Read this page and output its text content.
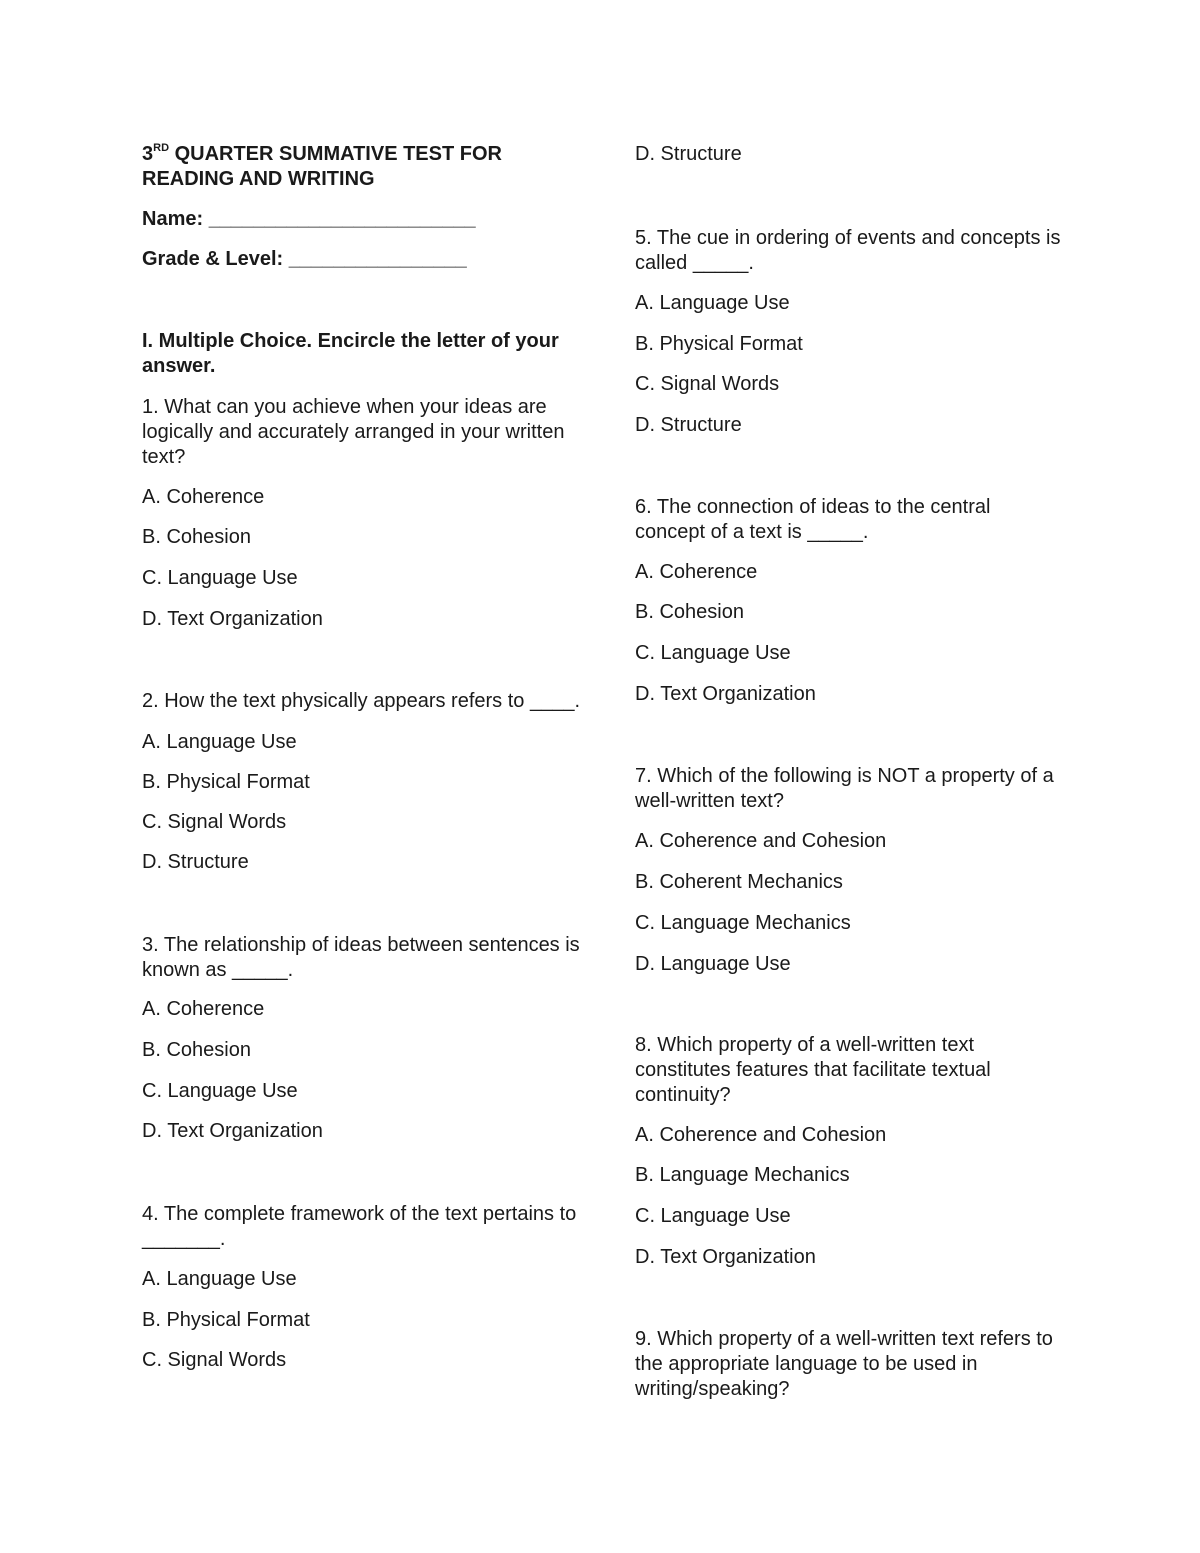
3RD QUARTER SUMMATIVE TEST FOR
READING AND WRITING

Name: ________________________

Grade & Level: ________________

I. Multiple Choice. Encircle the letter of your answer.

1. What can you achieve when your ideas are logically and accurately arranged in your written text?

A. Coherence
B. Cohesion
C. Language Use
D. Text Organization

2. How the text physically appears refers to ____.

A. Language Use
B. Physical Format
C. Signal Words
D. Structure

3. The relationship of ideas between sentences is known as _____.

A. Coherence
B. Cohesion
C. Language Use
D. Text Organization

4. The complete framework of the text pertains to _______.

A. Language Use
B. Physical Format
C. Signal Words
D. Structure

5. The cue in ordering of events and concepts is called _____.

A. Language Use
B. Physical Format
C. Signal Words
D. Structure

6. The connection of ideas to the central concept of a text is _____.

A. Coherence
B. Cohesion
C. Language Use
D. Text Organization

7. Which of the following is NOT a property of a well-written text?

A. Coherence and Cohesion
B. Coherent Mechanics
C. Language Mechanics
D. Language Use

8. Which property of a well-written text constitutes features that facilitate textual continuity?

A. Coherence and Cohesion
B. Language Mechanics
C. Language Use
D. Text Organization

9. Which property of a well-written text refers to the appropriate language to be used in writing/speaking?
